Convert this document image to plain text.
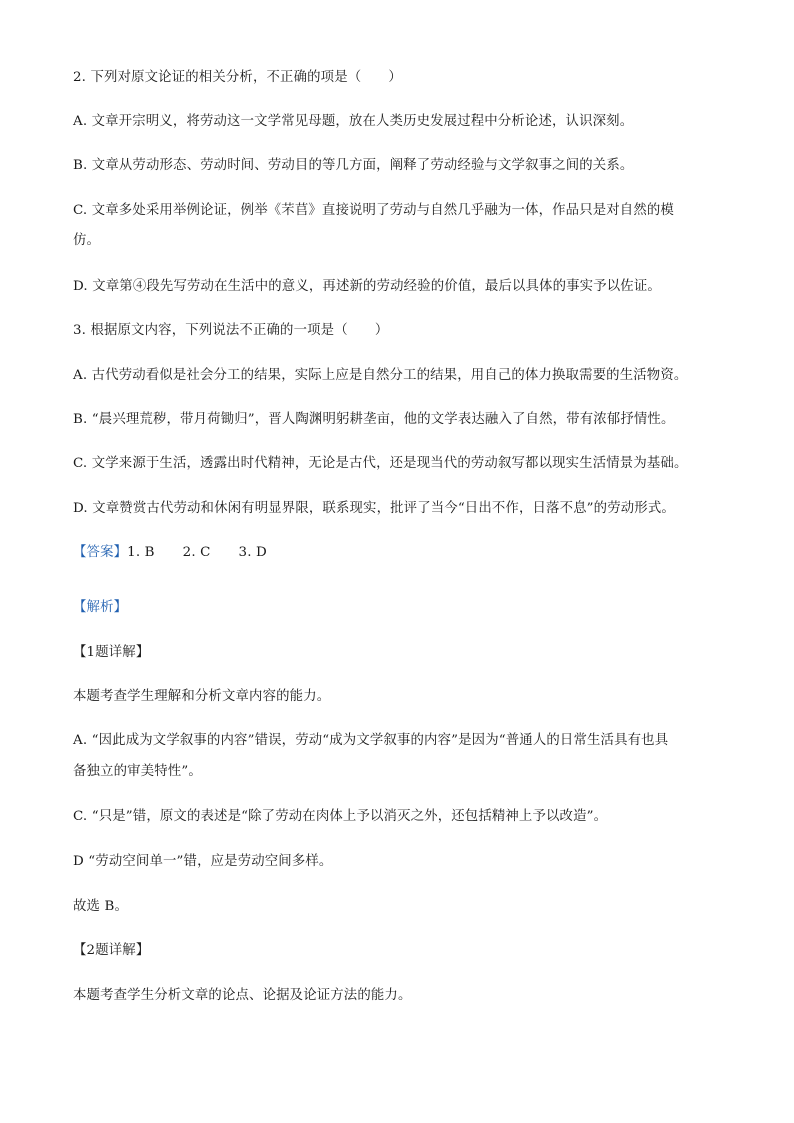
2. 下列对原文论证的相关分析，不正确的项是（　　）
A. 文章开宗明义，将劳动这一文学常见母题，放在人类历史发展过程中分析论述，认识深刻。
B. 文章从劳动形态、劳动时间、劳动目的等几方面，阐释了劳动经验与文学叙事之间的关系。
C. 文章多处采用举例论证，例举《芣苢》直接说明了劳动与自然几乎融为一体，作品只是对自然的模
仿。
D. 文章第④段先写劳动在生活中的意义，再述新的劳动经验的价值，最后以具体的事实予以佐证。
3. 根据原文内容，下列说法不正确的一项是（　　）
A. 古代劳动看似是社会分工的结果，实际上应是自然分工的结果，用自己的体力换取需要的生活物资。
B. “晨兴理荒秽，带月荷锄归”，晋人陶渊明躬耕垄亩，他的文学表达融入了自然，带有浓郁抒情性。
C. 文学来源于生活，透露出时代精神，无论是古代，还是现当代的劳动叙写都以现实生活情景为基础。
D. 文章赞赏古代劳动和休闲有明显界限，联系现实，批评了当今“日出不作，日落不息”的劳动形式。
【答案】1. B 2. C 3. D
【解析】
【1题详解】
本题考查学生理解和分析文章内容的能力。
A. “因此成为文学叙事的内容”错误，劳动“成为文学叙事的内容”是因为“普通人的日常生活具有也具
备独立的审美特性”。
C. “只是”错，原文的表述是“除了劳动在肉体上予以消灭之外，还包括精神上予以改造”。
D “劳动空间单一”错，应是劳动空间多样。
故选 B。
【2题详解】
本题考查学生分析文章的论点、论据及论证方法的能力。
